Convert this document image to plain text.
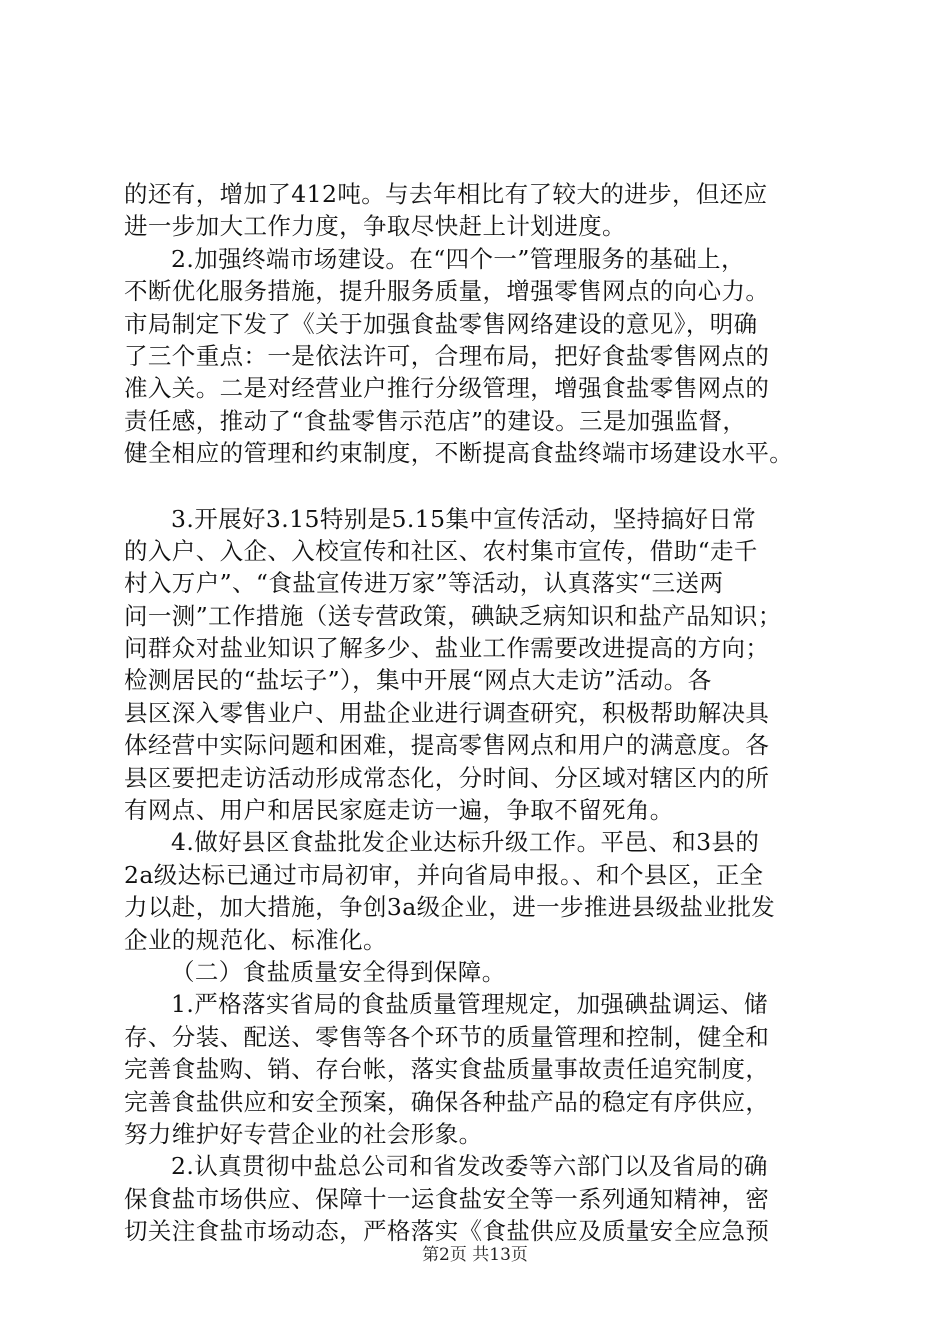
的还有，增加了412吨。与去年相比有了较大的进步，但还应
进一步加大工作力度，争取尽快赶上计划进度。
2.加强终端市场建设。在“四个一”管理服务的基础上，
不断优化服务措施，提升服务质量，增强零售网点的向心力。
市局制定下发了《关于加强食盐零售网络建设的意见》，明确
了三个重点：一是依法许可，合理布局，把好食盐零售网点的
准入关。二是对经营业户推行分级管理，增强食盐零售网点的
责任感，推动了“食盐零售示范店”的建设。三是加强监督，
健全相应的管理和约束制度，不断提高食盐终端市场建设水平。
3.开展好3.15特别是5.15集中宣传活动，坚持搞好日常
的入户、入企、入校宣传和社区、农村集市宣传，借助“走千
村入万户”、“食盐宣传进万家”等活动，认真落实“三送两
问一测”工作措施（送专营政策，碘缺乏病知识和盐产品知识；
问群众对盐业知识了解多少、盐业工作需要改进提高的方向；
检测居民的“盐坛子”），集中开展“网点大走访”活动。各
县区深入零售业户、用盐企业进行调查研究，积极帮助解决具
体经营中实际问题和困难，提高零售网点和用户的满意度。各
县区要把走访活动形成常态化，分时间、分区域对辖区内的所
有网点、用户和居民家庭走访一遍，争取不留死角。
4.做好县区食盐批发企业达标升级工作。平邑、和3县的
2a级达标已通过市局初审，并向省局申报。、和个县区，正全
力以赴，加大措施，争创3a级企业，进一步推进县级盐业批发
企业的规范化、标准化。
（二）食盐质量安全得到保障。
1.严格落实省局的食盐质量管理规定，加强碘盐调运、储
存、分装、配送、零售等各个环节的质量管理和控制，健全和
完善食盐购、销、存台帐，落实食盐质量事故责任追究制度，
完善食盐供应和安全预案，确保各种盐产品的稳定有序供应，
努力维护好专营企业的社会形象。
2.认真贯彻中盐总公司和省发改委等六部门以及省局的确
保食盐市场供应、保障十一运食盐安全等一系列通知精神，密
切关注食盐市场动态，严格落实《食盐供应及质量安全应急预
第2页 共13页
